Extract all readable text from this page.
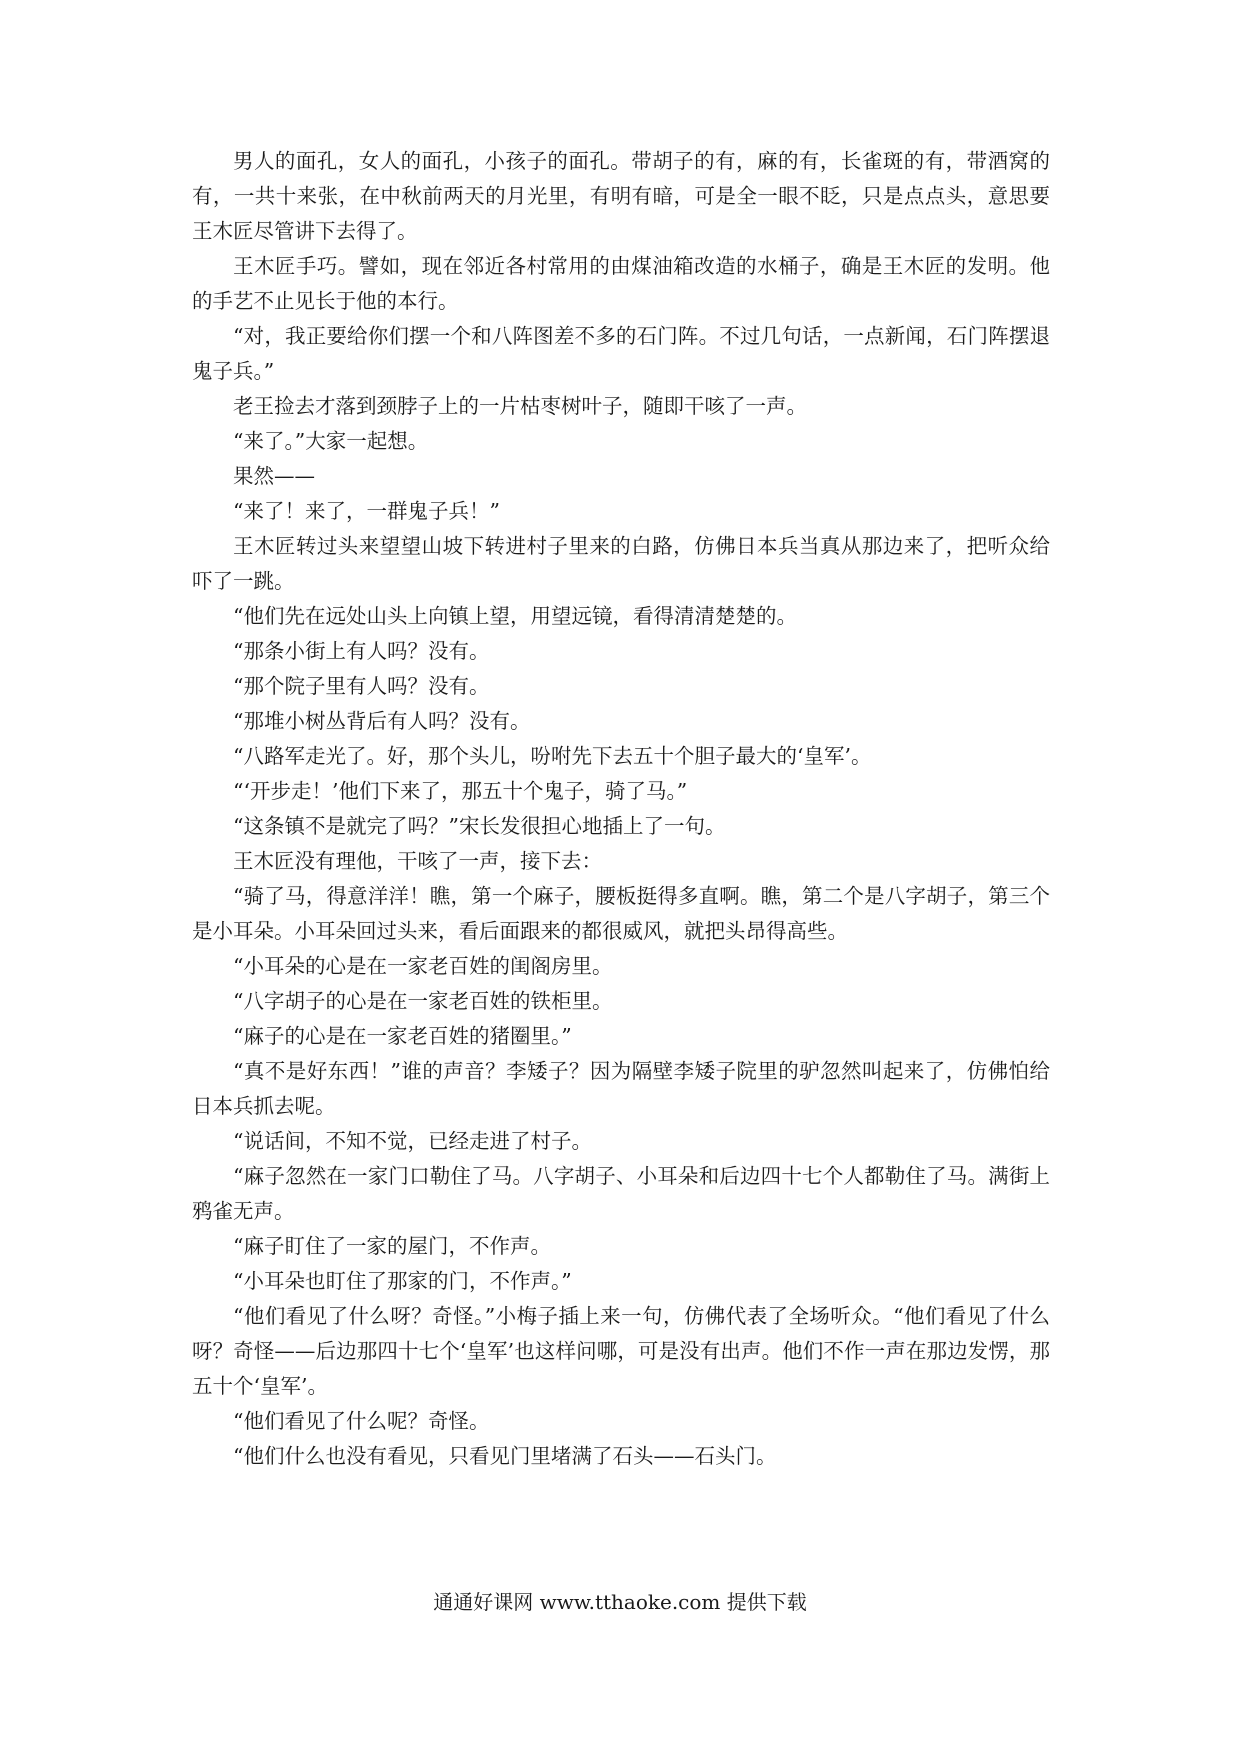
男人的面孔，女人的面孔，小孩子的面孔。带胡子的有，麻的有，长雀斑的有，带酒窝的有，一共十来张，在中秋前两天的月光里，有明有暗，可是全一眼不眨，只是点点头，意思要王木匠尽管讲下去得了。

王木匠手巧。譬如，现在邻近各村常用的由煤油箱改造的水桶子，确是王木匠的发明。他的手艺不止见长于他的本行。

“对，我正要给你们摆一个和八阵图差不多的石门阵。不过几句话，一点新闻，石门阵摆退鬼子兵。”

老王捡去才落到颈脖子上的一片枯枣树叶子，随即干咳了一声。

“来了。”大家一起想。

果然——

“来了！来了，一群鬼子兵！”

王木匠转过头来望望山坡下转进村子里来的白路，仿佛日本兵当真从那边来了，把听众给吓了一跳。

“他们先在远处山头上向镇上望，用望远镜，看得清清楚楚的。

“那条小街上有人吗？没有。

“那个院子里有人吗？没有。

“那堆小树丛背后有人吗？没有。

“八路军走光了。好，那个头儿，吩咐先下去五十个胆子最大的‘皇军’。

“‘开步走！’他们下来了，那五十个鬼子，骑了马。”

“这条镇不是就完了吗？”宋长发很担心地插上了一句。

王木匠没有理他，干咳了一声，接下去：

“骑了马，得意洋洋！瞧，第一个麻子，腰板挺得多直啊。瞧，第二个是八字胡子，第三个是小耳朵。小耳朵回过头来，看后面跟来的都很威风，就把头昂得高些。

“小耳朵的心是在一家老百姓的闺阁房里。

“八字胡子的心是在一家老百姓的铁柜里。

“麻子的心是在一家老百姓的猪圈里。”

“真不是好东西！”谁的声音？李矮子？因为隔壁李矮子院里的驴忽然叫起来了，仿佛怕给日本兵抓去呢。

“说话间，不知不觉，已经走进了村子。

“麻子忽然在一家门口勒住了马。八字胡子、小耳朵和后边四十七个人都勒住了马。满街上鸦雀无声。

“麻子盯住了一家的屋门，不作声。

“小耳朵也盯住了那家的门，不作声。”

“他们看见了什么呀？奇怪。”小梅子插上来一句，仿佛代表了全场听众。“他们看见了什么呀？奇怪——后边那四十七个‘皇军’也这样问哪，可是没有出声。他们不作一声在那边发愣，那五十个‘皇军’。

“他们看见了什么呢？奇怪。

“他们什么也没有看见，只看见门里堵满了石头——石头门。

通通好课网 www.tthaoke.com 提供下载
